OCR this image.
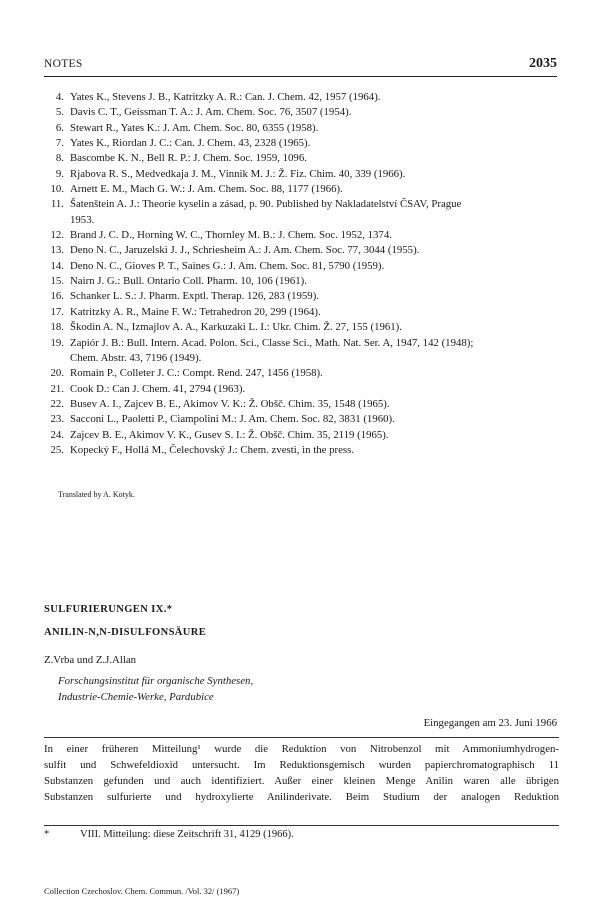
NOTES	2035
4. Yates K., Stevens J. B., Katritzky A. R.: Can. J. Chem. 42, 1957 (1964).
5. Davis C. T., Geissman T. A.: J. Am. Chem. Soc. 76, 3507 (1954).
6. Stewart R., Yates K.: J. Am. Chem. Soc. 80, 6355 (1958).
7. Yates K., Riordan J. C.: Can. J. Chem. 43, 2328 (1965).
8. Bascombe K. N., Bell R. P.: J. Chem. Soc. 1959, 1096.
9. Rjabova R. S., Medvedkaja J. M., Vinnik M. J.: Ž. Fiz. Chim. 40, 339 (1966).
10. Arnett E. M., Mach G. W.: J. Am. Chem. Soc. 88, 1177 (1966).
11. Šatenštein A. J.: Theorie kyselin a zásad, p. 90. Published by Nakladatelství ČSAV, Prague
1953.
12. Brand J. C. D., Horning W. C., Thornley M. B.: J. Chem. Soc. 1952, 1374.
13. Deno N. C., Jaruzelski J. J., Schriesheim A.: J. Am. Chem. Soc. 77, 3044 (1955).
14. Deno N. C., Gioves P. T., Saines G.: J. Am. Chem. Soc. 81, 5790 (1959).
15. Nairn J. G.: Bull. Ontario Coll. Pharm. 10, 106 (1961).
16. Schanker L. S.: J. Pharm. Exptl. Therap. 126, 283 (1959).
17. Katritzky A. R., Maine F. W.: Tetrahedron 20, 299 (1964).
18. Škodin A. N., Izmajlov A. A., Karkuzaki L. I.: Ukr. Chim. Ž. 27, 155 (1961).
19. Zapiór J. B.: Bull. Intern. Acad. Polon. Sci., Classe Sci., Math. Nat. Ser. A, 1947, 142 (1948);
Chem. Abstr. 43, 7196 (1949).
20. Romain P., Colleter J. C.: Compt. Rend. 247, 1456 (1958).
21. Cook D.: Can J. Chem. 41, 2794 (1963).
22. Busev A. I., Zajcev B. E., Akimov V. K.: Ž. Obšč. Chim. 35, 1548 (1965).
23. Sacconi L., Paoletti P., Ciampolini M.: J. Am. Chem. Soc. 82, 3831 (1960).
24. Zajcev B. E., Akimov V. K., Gusev S. I.: Ž. Obšč. Chim. 35, 2119 (1965).
25. Kopecký F., Hollá M., Čelechovský J.: Chem. zvesti, in the press.
Translated by A. Kotyk.
SULFURIERUNGEN IX.*
ANILIN-N,N-DISULFONSÄURE
Z.Vrba und Z.J.Allan
Forschungsinstitut für organische Synthesen,
Industrie-Chemie-Werke, Pardubice
Eingegangen am 23. Juni 1966
In einer früheren Mitteilung¹ wurde die Reduktion von Nitrobenzol mit Ammoniumhydrogen-
sulfit und Schwefeldioxid untersucht. Im Reduktionsgemisch wurden papierchromatographisch 11
Substanzen gefunden und auch identifiziert. Außer einer kleinen Menge Anilin waren alle übrigen
Substanzen sulfurierte und hydroxylierte Anilinderivate. Beim Studium der analogen Reduktion
*	VIII. Mitteilung: diese Zeitschrift 31, 4129 (1966).
Collection Czechoslov. Chem. Commun. /Vol. 32/ (1967)
